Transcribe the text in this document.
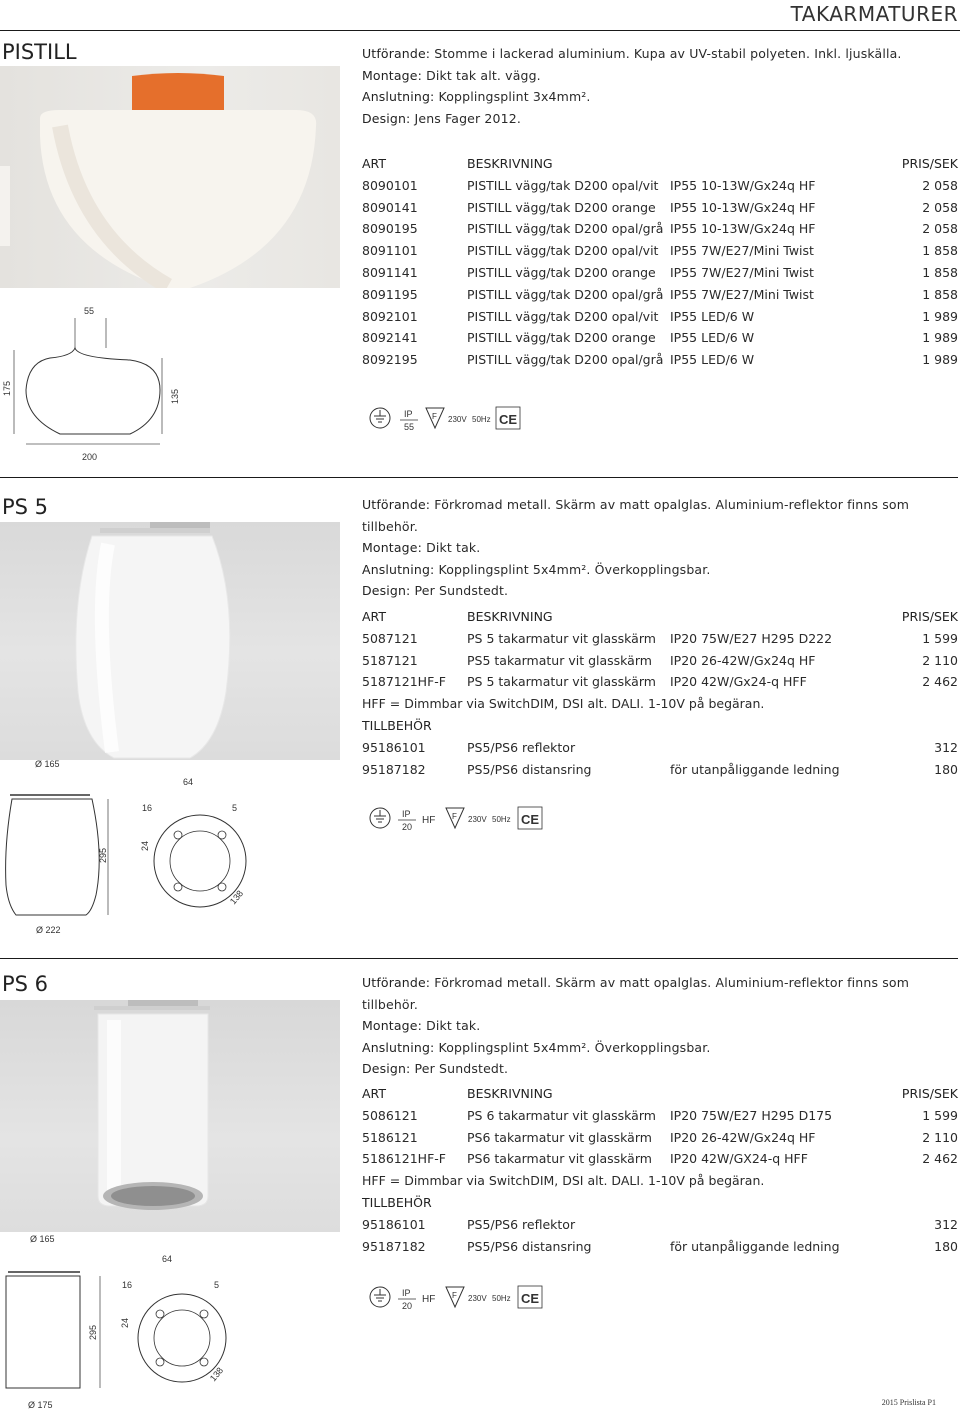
TAKARMATURER
PISTILL
55
175
135
200
Utförande: Stomme i lackerad aluminium. Kupa av UV-stabil polyeten. Inkl. ljuskälla.
Montage: Dikt tak alt. vägg.
Anslutning: Kopplingsplint 3x4mm².
Design: Jens Fager 2012.
ART	BESKRIVNING	PRIS/SEK
8090101	PISTILL vägg/tak D200 opal/vit IP55 10-13W/Gx24q HF	2 058
8090141	PISTILL vägg/tak D200 orange IP55 10-13W/Gx24q HF	2 058
8090195	PISTILL vägg/tak D200 opal/grå IP55 10-13W/Gx24q HF	2 058
8091101	PISTILL vägg/tak D200 opal/vit IP55 7W/E27/Mini Twist	1 858
8091141	PISTILL vägg/tak D200 orange IP55 7W/E27/Mini Twist	1 858
8091195	PISTILL vägg/tak D200 opal/grå IP55 7W/E27/Mini Twist	1 858
8092101	PISTILL vägg/tak D200 opal/vit IP55 LED/6 W	1 989
8092141	PISTILL vägg/tak D200 orange IP55 LED/6 W	1 989
8092195	PISTILL vägg/tak D200 opal/grå IP55 LED/6 W	1 989
IP
55
F 230V 50Hz CE
PS 5
Ø 165
64
295
Ø 222
16	5
24
138
Utförande: Förkromad metall. Skärm av matt opalglas. Aluminium-reflektor finns som tillbehör.
Montage: Dikt tak.
Anslutning: Kopplingsplint 5x4mm². Överkopplingsbar.
Design: Per Sundstedt.
ART	BESKRIVNING	PRIS/SEK
5087121	PS 5 takarmatur vit glasskärm IP20 75W/E27 H295 D222	1 599
5187121	PS5 takarmatur vit glasskärm IP20 26-42W/Gx24q HF	2 110
5187121HF-F PS 5 takarmatur vit glasskärm IP20 42W/Gx24-q HFF	2 462
HFF = Dimmbar via SwitchDIM, DSI alt. DALI. 1-10V på begäran.
TILLBEHÖR
95186101	PS5/PS6 reflektor	312
95187182	PS5/PS6 distansring	för utanpåliggande ledning	180
IP
20
HF F 230V 50Hz CE
PS 6
Ø 165
64
295
Ø 175
16	5
24
138
Utförande: Förkromad metall. Skärm av matt opalglas. Aluminium-reflektor finns som tillbehör.
Montage: Dikt tak.
Anslutning: Kopplingsplint 5x4mm². Överkopplingsbar.
Design: Per Sundstedt.
ART	BESKRIVNING	PRIS/SEK
5086121	PS 6 takarmatur vit glasskärm IP20 75W/E27 H295 D175	1 599
5186121	PS6 takarmatur vit glasskärm IP20 26-42W/Gx24q HF	2 110
5186121HF-F PS6 takarmatur vit glasskärm IP20 42W/GX24-q HFF	2 462
HFF = Dimmbar via SwitchDIM, DSI alt. DALI. 1-10V på begäran.
TILLBEHÖR
95186101	PS5/PS6 reflektor	312
95187182	PS5/PS6 distansring	för utanpåliggande ledning	180
IP
20
HF F 230V 50Hz CE
2015 Prislista P1
